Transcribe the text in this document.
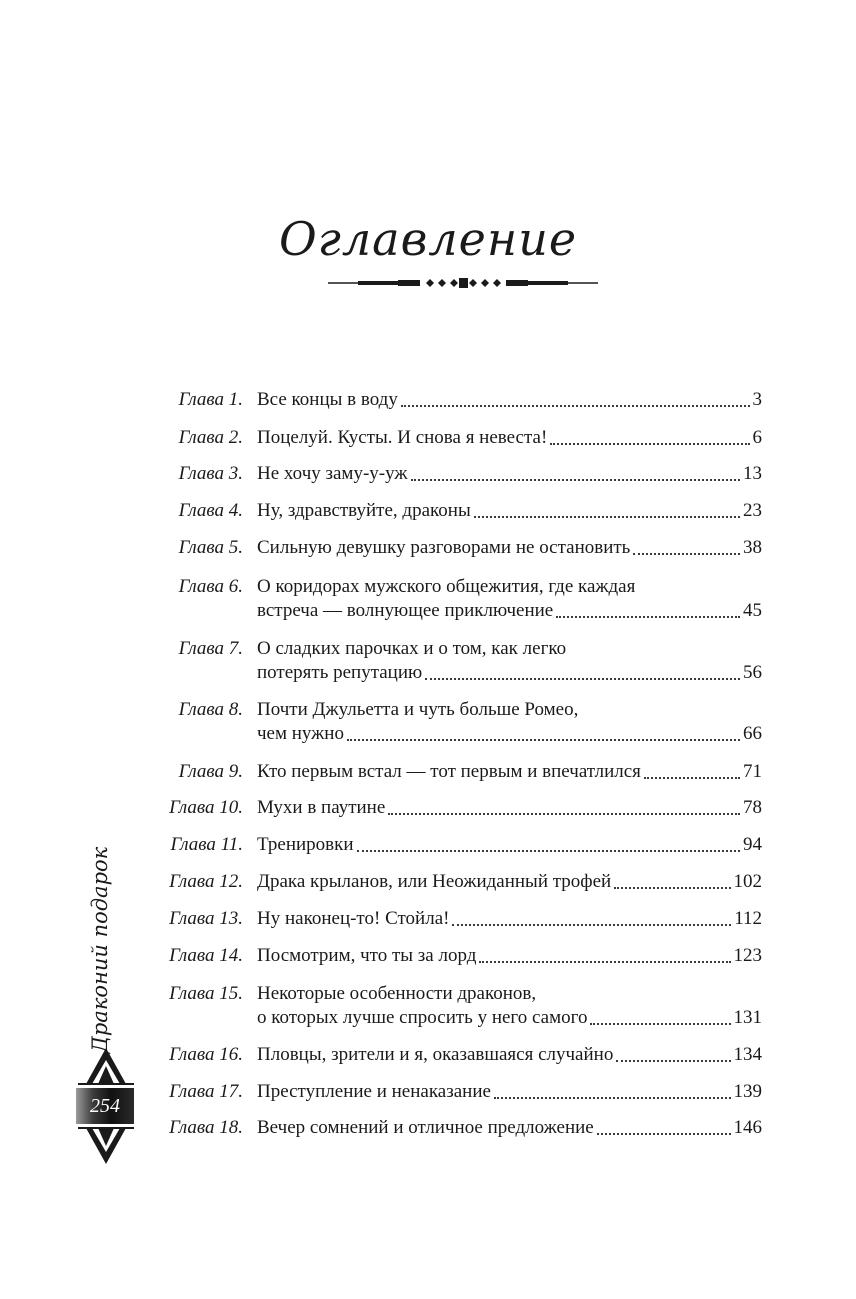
Оглавление
Глава 1. Все концы в воду	3
Глава 2. Поцелуй. Кусты. И снова я невеста!	6
Глава 3. Не хочу заму-у-уж	13
Глава 4. Ну, здравствуйте, драконы	23
Глава 5. Сильную девушку разговорами не остановить	38
Глава 6. О коридорах мужского общежития, где каждая
встреча — волнующее приключение	45
Глава 7. О сладких парочках и о том, как легко
потерять репутацию	56
Глава 8. Почти Джульетта и чуть больше Ромео,
чем нужно	66
Глава 9. Кто первым встал — тот первым и впечатлился	71
Глава 10. Мухи в паутине	78
Глава 11. Тренировки	94
Глава 12. Драка крыланов, или Неожиданный трофей	102
Глава 13. Ну наконец-то! Стойла!	112
Глава 14. Посмотрим, что ты за лорд	123
Глава 15. Некоторые особенности драконов,
о которых лучше спросить у него самого	131
Глава 16. Пловцы, зрители и я, оказавшаяся случайно	134
Глава 17. Преступление и ненаказание	139
Глава 18. Вечер сомнений и отличное предложение	146
Драконий подарок
254
